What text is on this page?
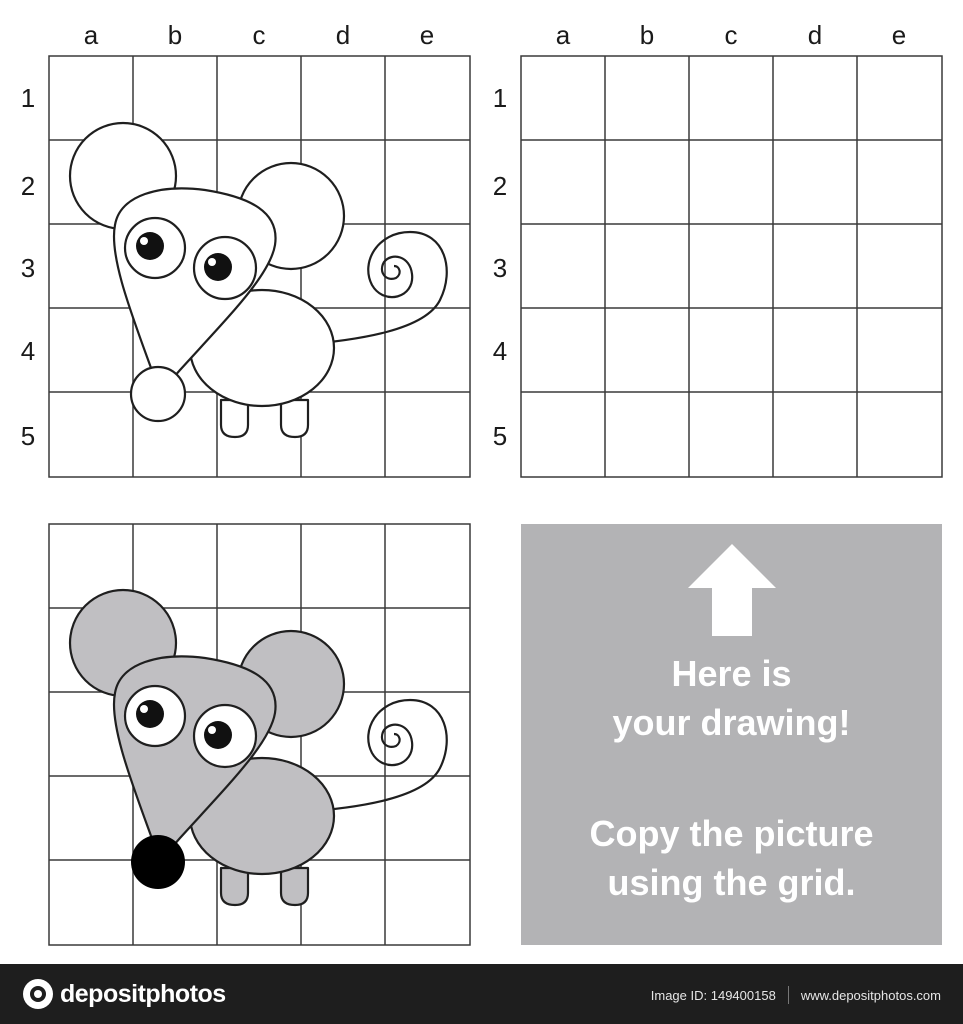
a	b	c	d	e	a	b	c	d	e
1
2
3
4
5
1
2
3
4
5
Here is
your drawing!
Copy the picture
using the grid.
depositphotos	Image ID: 149400158 www.depositphotos.com
